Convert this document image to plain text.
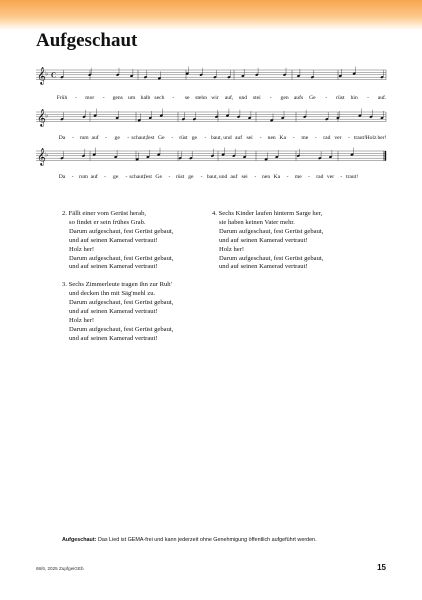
Aufgeschaut
𝄞 ♭ C
Früh - mor - gens um halb sech - se stehn wir auf, und stei - gen aufs Ge - rüst hin - auf.
𝄞 ♭
Da - rum auf - ge - schaut, fest Ge - rüst ge - baut, und auf sei - nen Ka - me - rad ver - traut! Holz her!
𝄞 ♭
Da - rum auf - ge - schaut,
fest Ge - rüst ge - baut, und auf sei - nen Ka - me - rad ver - traut!
2. Fällt einer vom Gerüst herab,
so findet er sein frühes Grab.
Darum aufgeschaut, fest Gerüst gebaut,
und auf seinen Kamerad vertraut!
Holz her!
Darum aufgeschaut, fest Gerüst gebaut,
und auf seinen Kamerad vertraut!
3. Sechs Zimmerleute tragen ihn zur Ruh'
und decken ihn mit Säg'mehl zu.
Darum aufgeschaut, fest Gerüst gebaut,
und auf seinen Kamerad vertraut!
Holz her!
Darum aufgeschaut, fest Gerüst gebaut,
und auf seinen Kamerad vertraut!
4. Sechs Kinder laufen hinterm Sarge her,
sie haben keinen Vater mehr.
Darum aufgeschaut, fest Gerüst gebaut,
und auf seinen Kamerad vertraut!
Holz her!
Darum aufgeschaut, fest Gerüst gebaut,
und auf seinen Kamerad vertraut!
Aufgeschaut: Das Lied ist GEMA-frei und kann jederzeit ohne Genehmigung öffentlich aufgeführt werden.
68/6, 2025 ZupfgeiGEb	15
